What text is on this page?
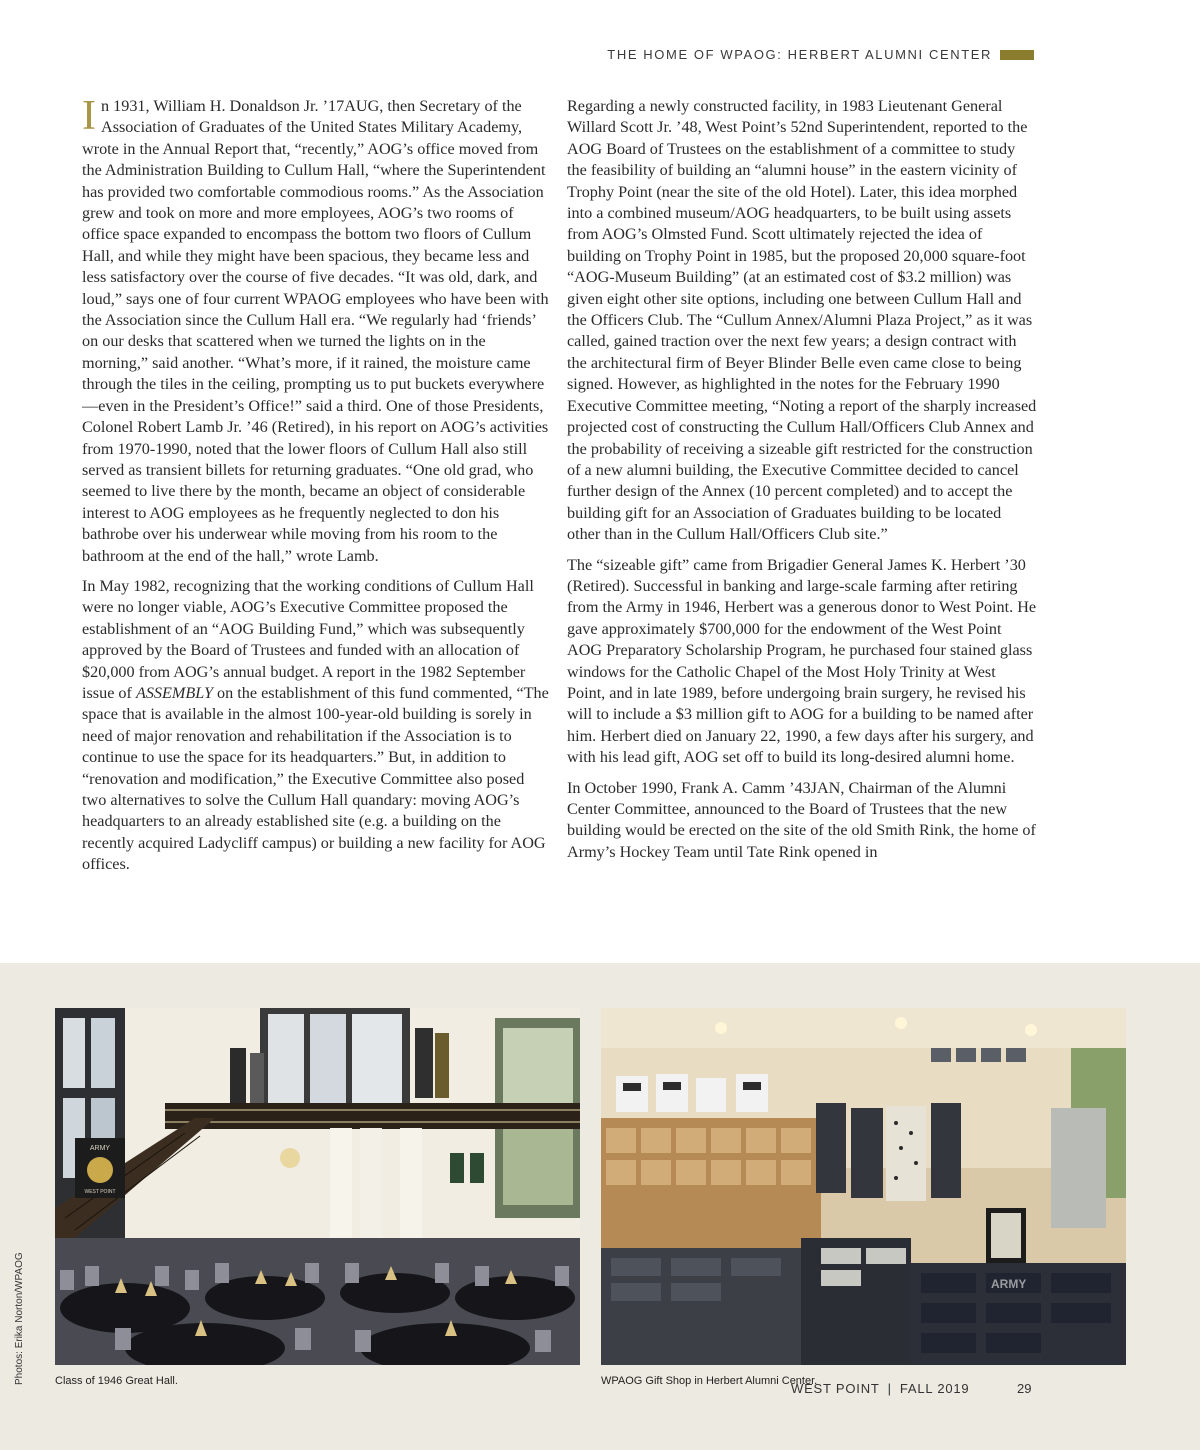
THE HOME OF WPAOG: HERBERT ALUMNI CENTER

In 1931, William H. Donaldson Jr. ’17AUG, then Secretary of the Association of Graduates of the United States Military Academy, wrote in the Annual Report that, “recently,” AOG’s office moved from the Administration Building to Cullum Hall, “where the Superintendent has provided two comfortable commodious rooms.” As the Association grew and took on more and more employees, AOG’s two rooms of office space expanded to encompass the bottom two floors of Cullum Hall, and while they might have been spacious, they became less and less satisfactory over the course of five decades. “It was old, dark, and loud,” says one of four current WPAOG employees who have been with the Association since the Cullum Hall era. “We regularly had ‘friends’ on our desks that scattered when we turned the lights on in the morning,” said another. “What’s more, if it rained, the moisture came through the tiles in the ceiling, prompting us to put buckets everywhere—even in the President’s Office!” said a third. One of those Presidents, Colonel Robert Lamb Jr. ’46 (Retired), in his report on AOG’s activities from 1970-1990, noted that the lower floors of Cullum Hall also still served as transient billets for returning graduates. “One old grad, who seemed to live there by the month, became an object of considerable interest to AOG employees as he frequently neglected to don his bathrobe over his underwear while moving from his room to the bathroom at the end of the hall,” wrote Lamb.

In May 1982, recognizing that the working conditions of Cullum Hall were no longer viable, AOG’s Executive Committee proposed the establishment of an “AOG Building Fund,” which was subsequently approved by the Board of Trustees and funded with an allocation of $20,000 from AOG’s annual budget. A report in the 1982 September issue of ASSEMBLY on the establishment of this fund commented, “The space that is available in the almost 100-year-old building is sorely in need of major renovation and rehabilitation if the Association is to continue to use the space for its headquarters.” But, in addition to “renovation and modification,” the Executive Committee also posed two alternatives to solve the Cullum Hall quandary: moving AOG’s headquarters to an already established site (e.g. a building on the recently acquired Ladycliff campus) or building a new facility for AOG offices.

Regarding a newly constructed facility, in 1983 Lieutenant General Willard Scott Jr. ’48, West Point’s 52nd Superintendent, reported to the AOG Board of Trustees on the establishment of a committee to study the feasibility of building an “alumni house” in the eastern vicinity of Trophy Point (near the site of the old Hotel). Later, this idea morphed into a combined museum/AOG headquarters, to be built using assets from AOG’s Olmsted Fund. Scott ultimately rejected the idea of building on Trophy Point in 1985, but the proposed 20,000 square-foot “AOG-Museum Building” (at an estimated cost of $3.2 million) was given eight other site options, including one between Cullum Hall and the Officers Club. The “Cullum Annex/Alumni Plaza Project,” as it was called, gained traction over the next few years; a design contract with the architectural firm of Beyer Blinder Belle even came close to being signed. However, as highlighted in the notes for the February 1990 Executive Committee meeting, “Noting a report of the sharply increased projected cost of constructing the Cullum Hall/Officers Club Annex and the probability of receiving a sizeable gift restricted for the construction of a new alumni building, the Executive Committee decided to cancel further design of the Annex (10 percent completed) and to accept the building gift for an Association of Graduates building to be located other than in the Cullum Hall/Officers Club site.”

The “sizeable gift” came from Brigadier General James K. Herbert ’30 (Retired). Successful in banking and large-scale farming after retiring from the Army in 1946, Herbert was a generous donor to West Point. He gave approximately $700,000 for the endowment of the West Point AOG Preparatory Scholarship Program, he purchased four stained glass windows for the Catholic Chapel of the Most Holy Trinity at West Point, and in late 1989, before undergoing brain surgery, he revised his will to include a $3 million gift to AOG for a building to be named after him. Herbert died on January 22, 1990, a few days after his surgery, and with his lead gift, AOG set off to build its long-desired alumni home.

In October 1990, Frank A. Camm ’43JAN, Chairman of the Alumni Center Committee, announced to the Board of Trustees that the new building would be erected on the site of the old Smith Rink, the home of Army’s Hockey Team until Tate Rink opened in

ARMY
WEST POINT
ARMY
Class of 1946 Great Hall.	WPAOG Gift Shop in Herbert Alumni Center.
Photos: Erika Norton/WPAOG
WEST POINT | FALL 2019	29
